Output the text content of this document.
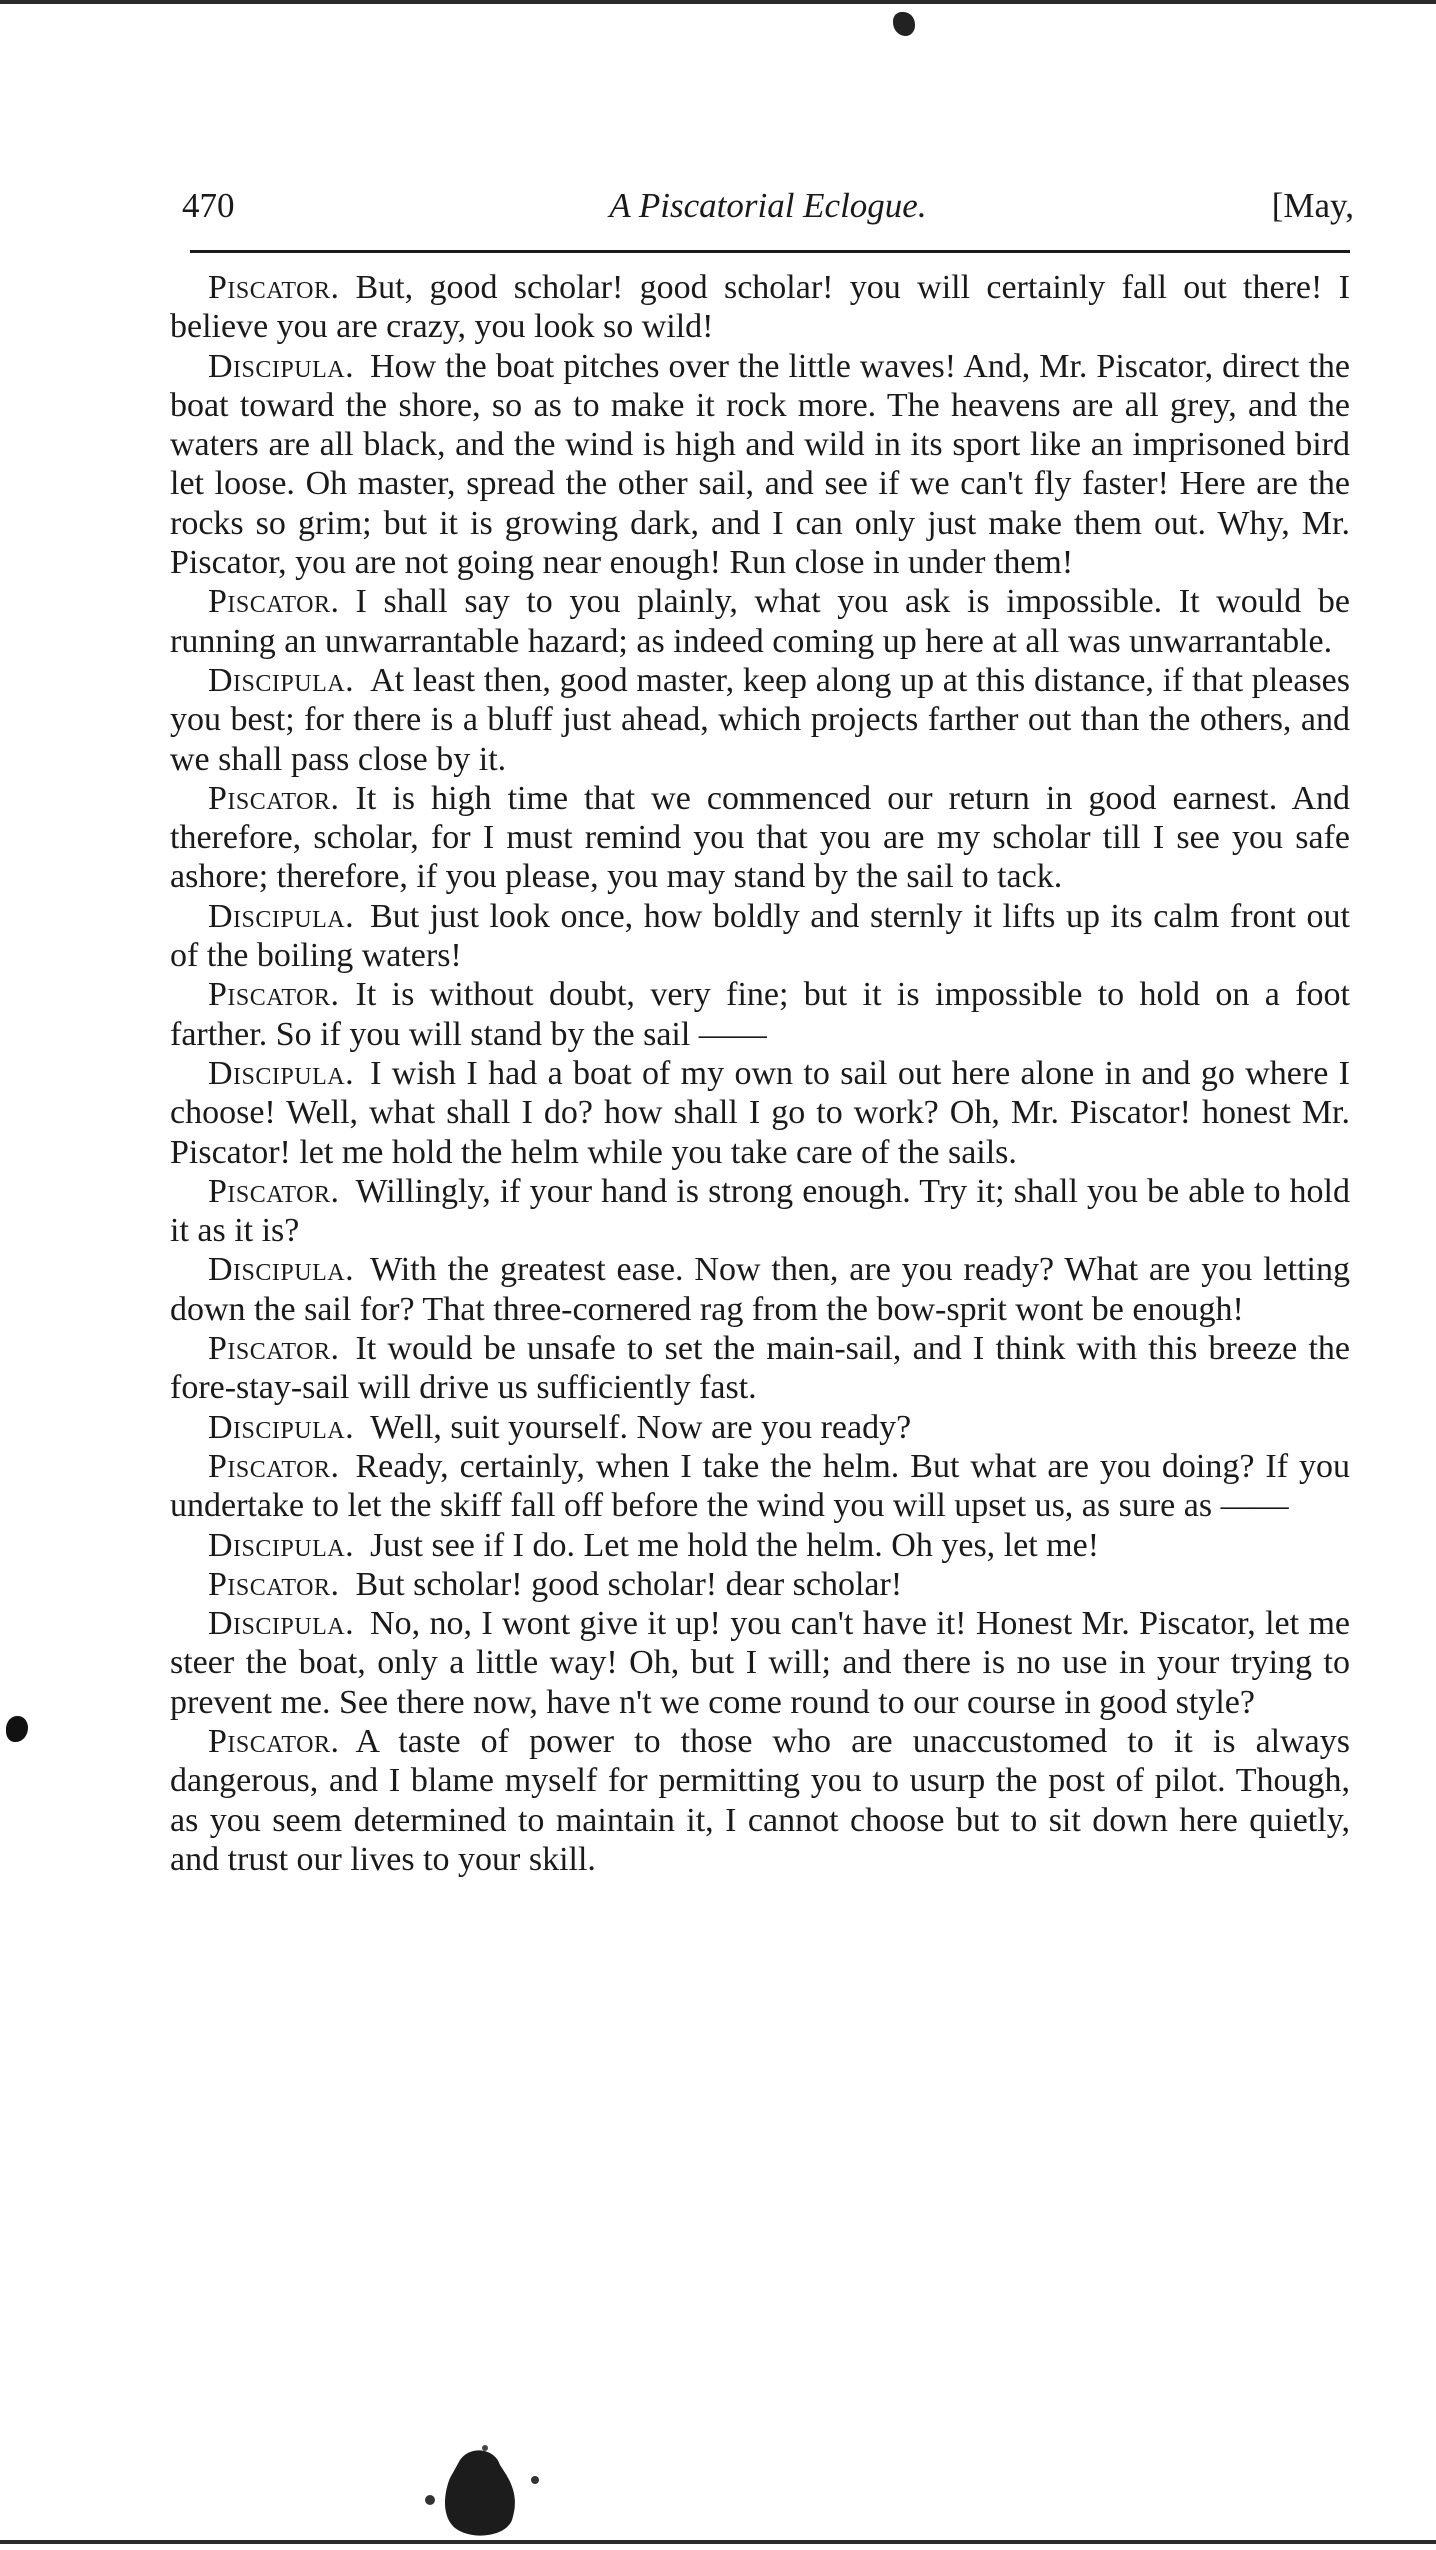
470	A Piscatorial Eclogue.	[May,

Piscator. But, good scholar! good scholar! you will certainly fall out there! I believe you are crazy, you look so wild!

Discipula. How the boat pitches over the little waves! And, Mr. Piscator, direct the boat toward the shore, so as to make it rock more. The heavens are all grey, and the waters are all black, and the wind is high and wild in its sport like an imprisoned bird let loose. Oh master, spread the other sail, and see if we can't fly faster! Here are the rocks so grim; but it is growing dark, and I can only just make them out. Why, Mr. Piscator, you are not going near enough! Run close in under them!

Piscator. I shall say to you plainly, what you ask is impossible. It would be running an unwarrantable hazard; as indeed coming up here at all was unwarrantable.

Discipula. At least then, good master, keep along up at this distance, if that pleases you best; for there is a bluff just ahead, which projects farther out than the others, and we shall pass close by it.

Piscator. It is high time that we commenced our return in good earnest. And therefore, scholar, for I must remind you that you are my scholar till I see you safe ashore; therefore, if you please, you may stand by the sail to tack.

Discipula. But just look once, how boldly and sternly it lifts up its calm front out of the boiling waters!

Piscator. It is without doubt, very fine; but it is impossible to hold on a foot farther. So if you will stand by the sail ——

Discipula. I wish I had a boat of my own to sail out here alone in and go where I choose! Well, what shall I do? how shall I go to work? Oh, Mr. Piscator! honest Mr. Piscator! let me hold the helm while you take care of the sails.

Piscator. Willingly, if your hand is strong enough. Try it; shall you be able to hold it as it is?

Discipula. With the greatest ease. Now then, are you ready? What are you letting down the sail for? That three-cornered rag from the bow-sprit wont be enough!

Piscator. It would be unsafe to set the main-sail, and I think with this breeze the fore-stay-sail will drive us sufficiently fast.

Discipula. Well, suit yourself. Now are you ready?

Piscator. Ready, certainly, when I take the helm. But what are you doing? If you undertake to let the skiff fall off before the wind you will upset us, as sure as ——

Discipula. Just see if I do. Let me hold the helm. Oh yes, let me!

Piscator. But scholar! good scholar! dear scholar!

Discipula. No, no, I wont give it up! you can't have it! Honest Mr. Piscator, let me steer the boat, only a little way! Oh, but I will; and there is no use in your trying to prevent me. See there now, have n't we come round to our course in good style?

Piscator. A taste of power to those who are unaccustomed to it is always dangerous, and I blame myself for permitting you to usurp the post of pilot. Though, as you seem determined to maintain it, I cannot choose but to sit down here quietly, and trust our lives to your skill.
